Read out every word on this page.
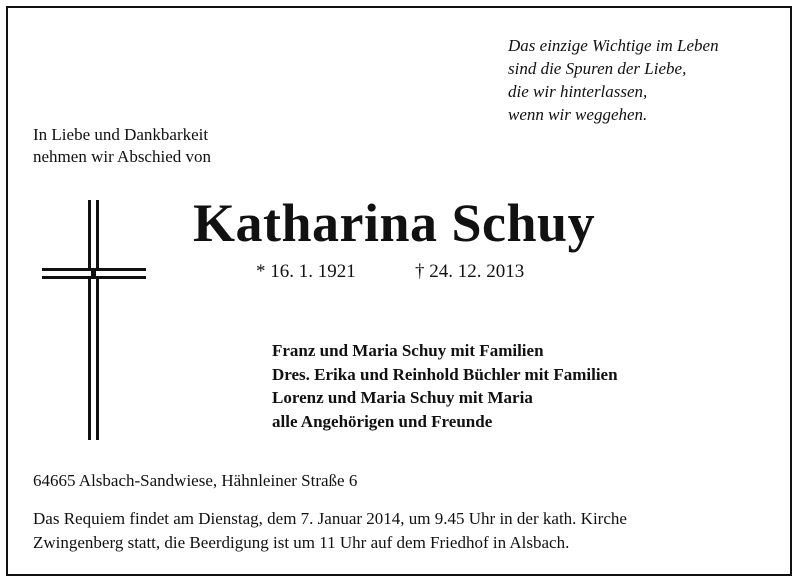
Das einzige Wichtige im Leben
sind die Spuren der Liebe,
die wir hinterlassen,
wenn wir weggehen.
In Liebe und Dankbarkeit
nehmen wir Abschied von
Katharina Schuy
* 16. 1. 1921	† 24. 12. 2013
Franz und Maria Schuy mit Familien
Dres. Erika und Reinhold Büchler mit Familien
Lorenz und Maria Schuy mit Maria
alle Angehörigen und Freunde
64665 Alsbach-Sandwiese, Hähnleiner Straße 6
Das Requiem findet am Dienstag, dem 7. Januar 2014, um 9.45 Uhr in der kath. Kirche
Zwingenberg statt, die Beerdigung ist um 11 Uhr auf dem Friedhof in Alsbach.
